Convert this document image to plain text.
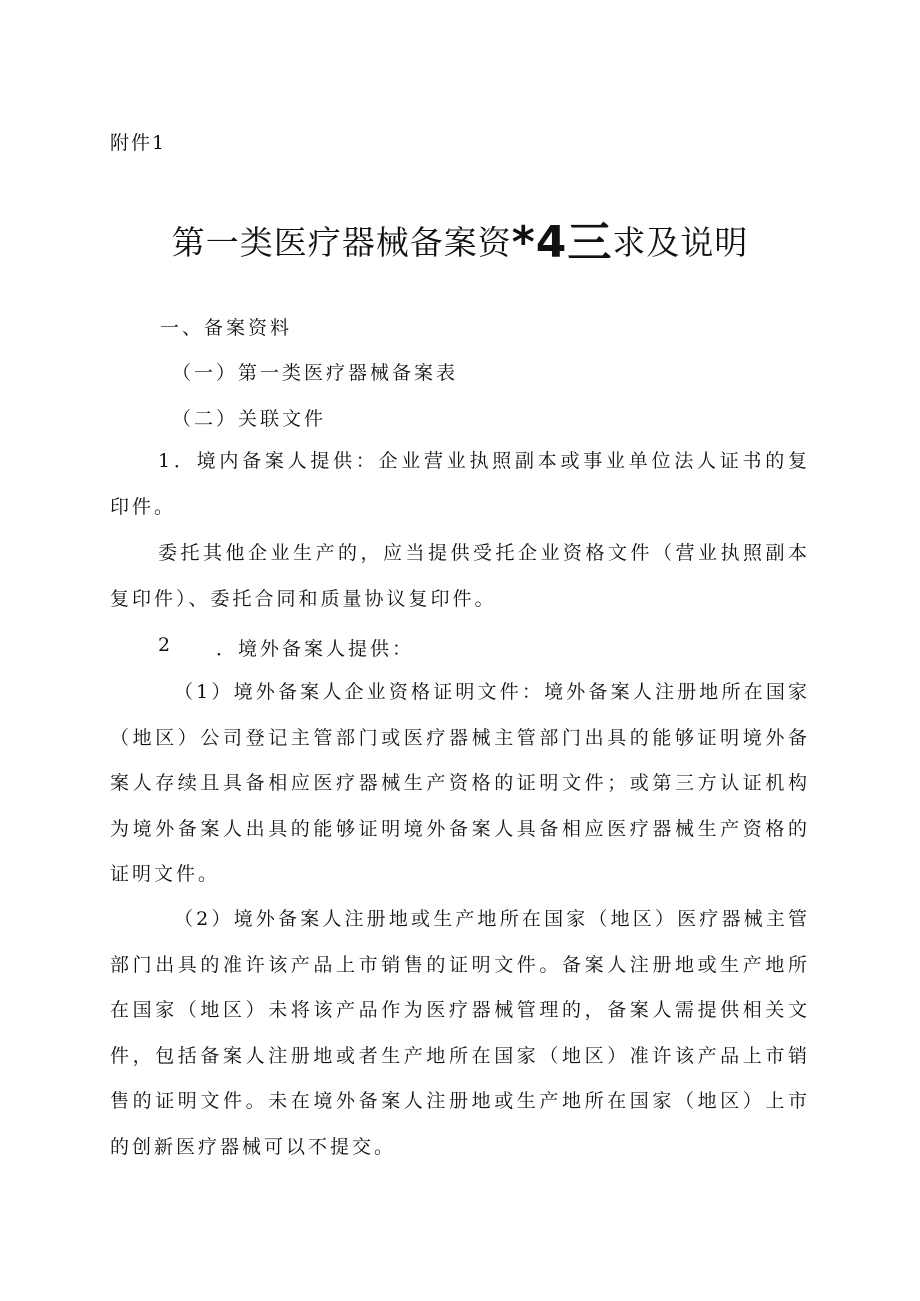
附件1
第一类医疗器械备案资*4三求及说明
一、备案资料
（一）第一类医疗器械备案表
（二）关联文件
1．境内备案人提供：企业营业执照副本或事业单位法人证书的复印件。
委托其他企业生产的，应当提供受托企业资格文件（营业执照副本复印件）、委托合同和质量协议复印件。
2 ．境外备案人提供：
（1）境外备案人企业资格证明文件：境外备案人注册地所在国家（地区）公司登记主管部门或医疗器械主管部门出具的能够证明境外备案人存续且具备相应医疗器械生产资格的证明文件；或第三方认证机构为境外备案人出具的能够证明境外备案人具备相应医疗器械生产资格的证明文件。
（2）境外备案人注册地或生产地所在国家（地区）医疗器械主管部门出具的准许该产品上市销售的证明文件。备案人注册地或生产地所在国家（地区）未将该产品作为医疗器械管理的，备案人需提供相关文件，包括备案人注册地或者生产地所在国家（地区）准许该产品上市销售的证明文件。未在境外备案人注册地或生产地所在国家（地区）上市的创新医疗器械可以不提交。
